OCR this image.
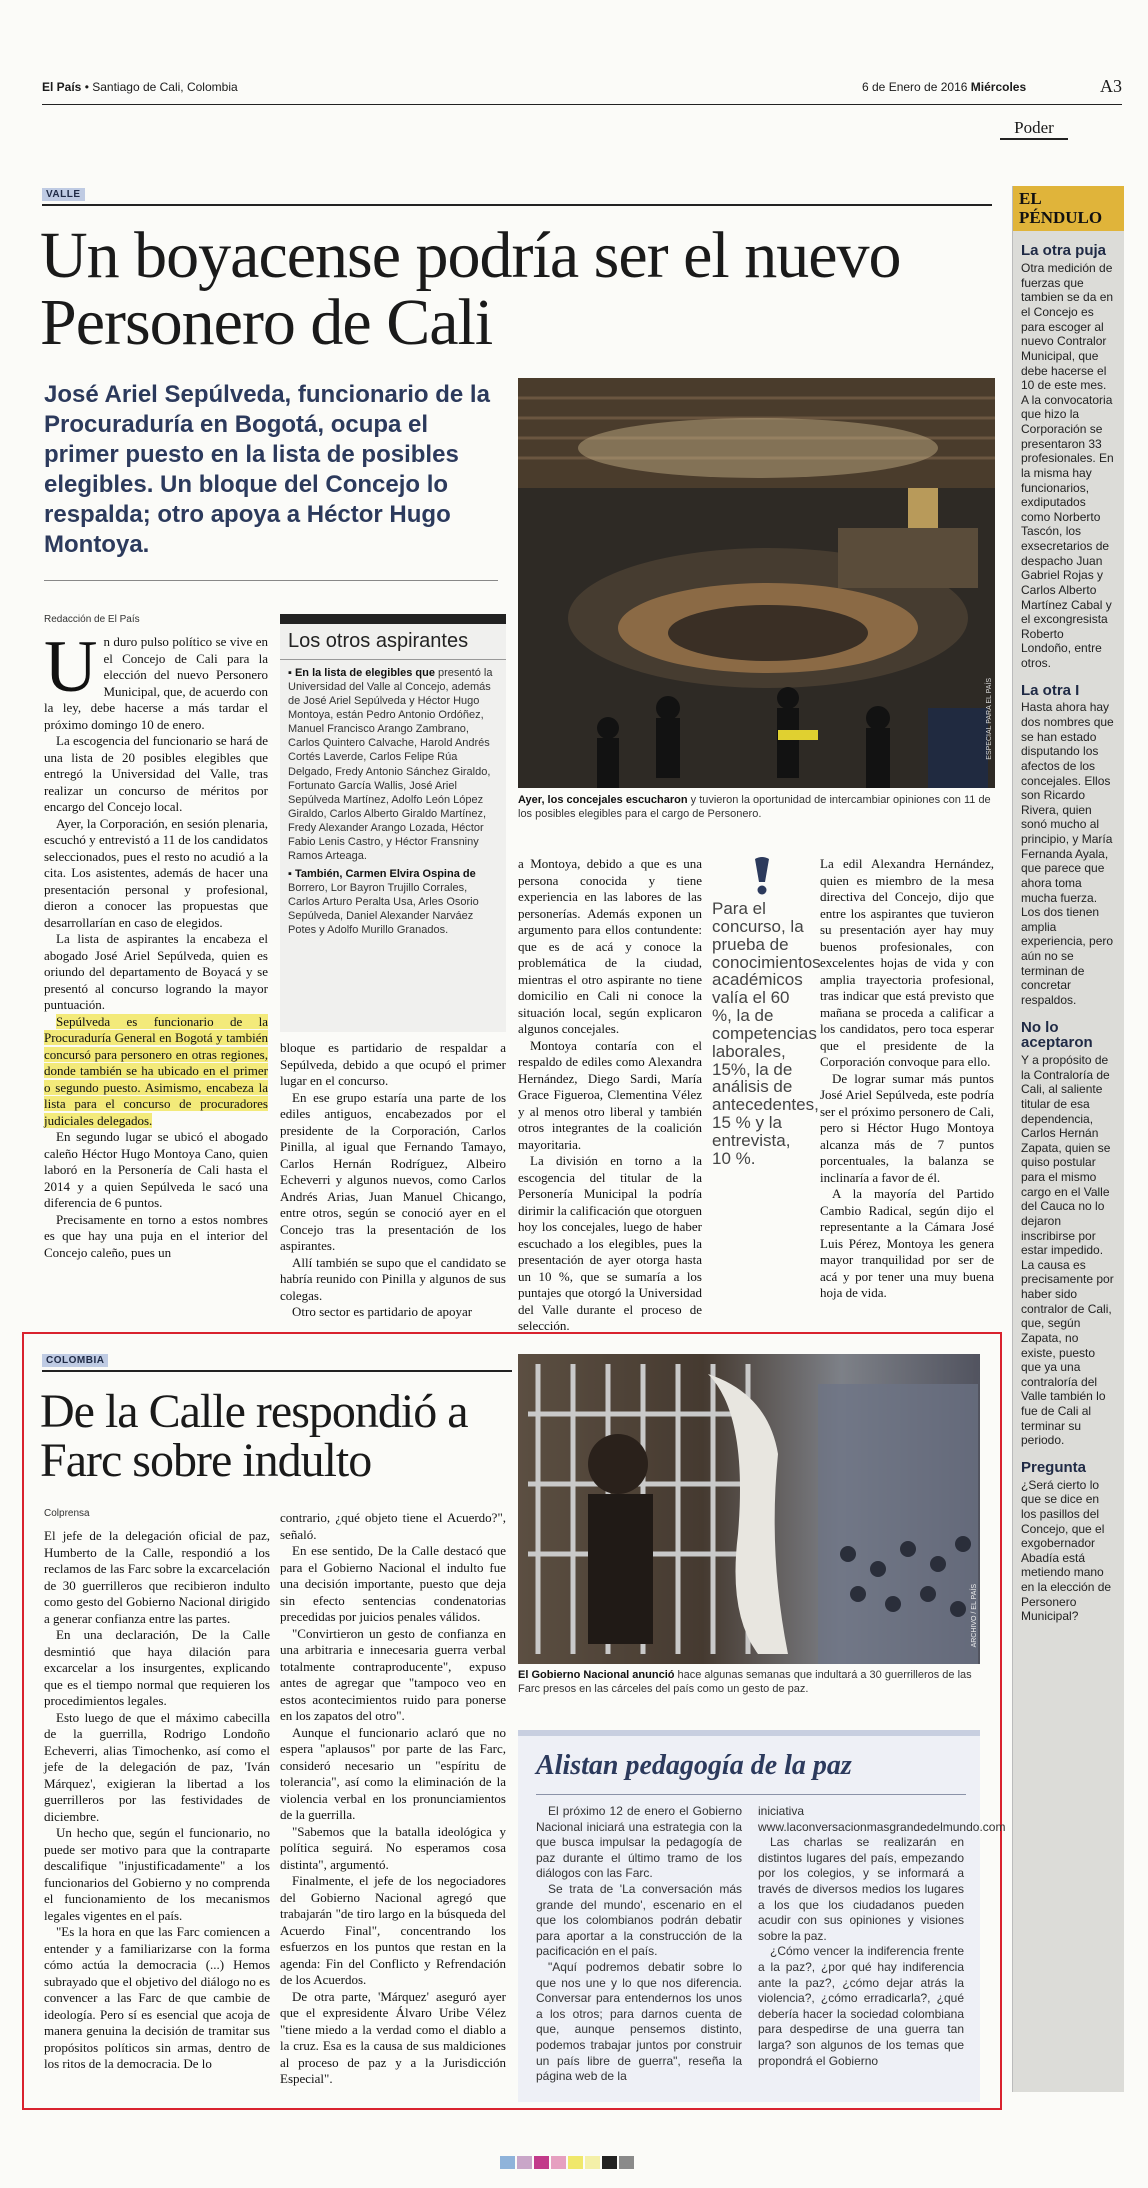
El País • Santiago de Cali, Colombia	6 de Enero de 2016 Miércoles	A3
Poder
VALLE
Un boyacense podría ser el nuevo Personero de Cali
José Ariel Sepúlveda, funcionario de la Procuraduría en Bogotá, ocupa el primer puesto en la lista de posibles elegibles. Un bloque del Concejo lo respalda; otro apoya a Héctor Hugo Montoya.
ESPECIAL PARA EL PAÍS
Ayer, los concejales escucharon y tuvieron la oportunidad de intercambiar opiniones con 11 de los posibles elegibles para el cargo de Personero.
Redacción de El País
U n duro pulso político se vive en el Concejo de Cali para la elección del nuevo Personero Municipal, que, de acuerdo con la ley, debe hacerse a más tardar el próximo domingo 10 de enero.

La escogencia del funcionario se hará de una lista de 20 posibles elegibles que entregó la Universidad del Valle, tras realizar un concurso de méritos por encargo del Concejo local.

Ayer, la Corporación, en sesión plenaria, escuchó y entrevistó a 11 de los candidatos seleccionados, pues el resto no acudió a la cita. Los asistentes, además de hacer una presentación personal y profesional, dieron a conocer las propuestas que desarrollarían en caso de elegidos.

La lista de aspirantes la encabeza el abogado José Ariel Sepúlveda, quien es oriundo del departamento de Boyacá y se presentó al concurso logrando la mayor puntuación.

Sepúlveda es funcionario de la Procuraduría General en Bogotá y también concursó para personero en otras regiones, donde también se ha ubicado en el primer o segundo puesto. Asimismo, encabeza la lista para el concurso de procuradores judiciales delegados.

En segundo lugar se ubicó el abogado caleño Héctor Hugo Montoya Cano, quien laboró en la Personería de Cali hasta el 2014 y a quien Sepúlveda le sacó una diferencia de 6 puntos.

Precisamente en torno a estos nombres es que hay una puja en el interior del Concejo caleño, pues un

Los otros aspirantes

▪ En la lista de elegibles que presentó la Universidad del Valle al Concejo, además de José Ariel Sepúlveda y Héctor Hugo Montoya, están Pedro Antonio Ordóñez, Manuel Francisco Arango Zambrano, Carlos Quintero Calvache, Harold Andrés Cortés Laverde, Carlos Felipe Rúa Delgado, Fredy Antonio Sánchez Giraldo, Fortunato García Wallis, José Ariel Sepúlveda Martínez, Adolfo León López Giraldo, Carlos Alberto Giraldo Martínez, Fredy Alexander Arango Lozada, Héctor Fabio Lenis Castro, y Héctor Fransniny Ramos Arteaga.

▪ También, Carmen Elvira Ospina de Borrero, Lor Bayron Trujillo Corrales, Carlos Arturo Peralta Usa, Arles Osorio Sepúlveda, Daniel Alexander Narváez Potes y Adolfo Murillo Granados.

bloque es partidario de respaldar a Sepúlveda, debido a que ocupó el primer lugar en el concurso.

En ese grupo estaría una parte de los ediles antiguos, encabezados por el presidente de la Corporación, Carlos Pinilla, al igual que Fernando Tamayo, Carlos Hernán Rodríguez, Albeiro Echeverri y algunos nuevos, como Carlos Andrés Arias, Juan Manuel Chicango, entre otros, según se conoció ayer en el Concejo tras la presentación de los aspirantes.

Allí también se supo que el candidato se habría reunido con Pinilla y algunos de sus colegas.

Otro sector es partidario de apoyar

a Montoya, debido a que es una persona conocida y tiene experiencia en las labores de las personerías. Además exponen un argumento para ellos contundente: que es de acá y conoce la problemática de la ciudad, mientras el otro aspirante no tiene domicilio en Cali ni conoce la situación local, según explicaron algunos concejales.

Montoya contaría con el respaldo de ediles como Alexandra Hernández, Diego Sardi, María Grace Figueroa, Clementina Vélez y al menos otro liberal y también otros integrantes de la coalición mayoritaria.

La división en torno a la escogencia del titular de la Personería Municipal la podría dirimir la calificación que otorguen hoy los concejales, luego de haber escuchado a los elegibles, pues la presentación de ayer otorga hasta un 10 %, que se sumaría a los puntajes que otorgó la Universidad del Valle durante el proceso de selección.

Para el concurso, la prueba de conocimientos académicos valía el 60 %, la de competencias laborales, 15%, la de análisis de antecedentes, 15 % y la entrevista, 10 %.

La edil Alexandra Hernández, quien es miembro de la mesa directiva del Concejo, dijo que entre los aspirantes que tuvieron su presentación ayer hay muy buenos profesionales, con excelentes hojas de vida y con amplia trayectoria profesional, tras indicar que está previsto que mañana se proceda a calificar a los candidatos, pero toca esperar que el presidente de la Corporación convoque para ello.

De lograr sumar más puntos José Ariel Sepúlveda, este podría ser el próximo personero de Cali, pero si Héctor Hugo Montoya alcanza más de 7 puntos porcentuales, la balanza se inclinaría a favor de él.

A la mayoría del Partido Cambio Radical, según dijo el representante a la Cámara José Luis Pérez, Montoya les genera mayor tranquilidad por ser de acá y por tener una muy buena hoja de vida.

EL PÉNDULO
La otra puja

Otra medición de fuerzas que tambien se da en el Concejo es para escoger al nuevo Contralor Municipal, que debe hacerse el 10 de este mes. A la convocatoria que hizo la Corporación se presentaron 33 profesionales. En la misma hay funcionarios, exdiputados como Norberto Tascón, los exsecretarios de despacho Juan Gabriel Rojas y Carlos Alberto Martínez Cabal y el excongresista Roberto Londoño, entre otros.

La otra I

Hasta ahora hay dos nombres que se han estado disputando los afectos de los concejales. Ellos son Ricardo Rivera, quien sonó mucho al principio, y María Fernanda Ayala, que parece que ahora toma mucha fuerza. Los dos tienen amplia experiencia, pero aún no se terminan de concretar respaldos.

No lo aceptaron

Y a propósito de la Contraloría de Cali, al saliente titular de esa dependencia, Carlos Hernán Zapata, quien se quiso postular para el mismo cargo en el Valle del Cauca no lo dejaron inscribirse por estar impedido. La causa es precisamente por haber sido contralor de Cali, que, según Zapata, no existe, puesto que ya una contraloría del Valle también lo fue de Cali al terminar su periodo.

Pregunta

¿Será cierto lo que se dice en los pasillos del Concejo, que el exgobernador Abadía está metiendo mano en la elección de Personero Municipal?

COLOMBIA
De la Calle respondió a Farc sobre indulto
Colprensa

El jefe de la delegación oficial de paz, Humberto de la Calle, respondió a los reclamos de las Farc sobre la excarcelación de 30 guerrilleros que recibieron indulto como gesto del Gobierno Nacional dirigido a generar confianza entre las partes.

En una declaración, De la Calle desmintió que haya dilación para excarcelar a los insurgentes, explicando que es el tiempo normal que requieren los procedimientos legales.

Esto luego de que el máximo cabecilla de la guerrilla, Rodrigo Londoño Echeverri, alias Timochenko, así como el jefe de la delegación de paz, 'Iván Márquez', exigieran la libertad a los guerrilleros por las festividades de diciembre.

Un hecho que, según el funcionario, no puede ser motivo para que la contraparte descalifique "injustificadamente" a los funcionarios del Gobierno y no comprenda el funcionamiento de los mecanismos legales vigentes en el país.

"Es la hora en que las Farc comiencen a entender y a familiarizarse con la forma cómo actúa la democracia (...) Hemos subrayado que el objetivo del diálogo no es convencer a las Farc de que cambie de ideología. Pero sí es esencial que acoja de manera genuina la decisión de tramitar sus propósitos políticos sin armas, dentro de los ritos de la democracia. De lo

contrario, ¿qué objeto tiene el Acuerdo?", señaló.

En ese sentido, De la Calle destacó que para el Gobierno Nacional el indulto fue una decisión importante, puesto que deja sin efecto sentencias condenatorias precedidas por juicios penales válidos.

"Convirtieron un gesto de confianza en una arbitraria e innecesaria guerra verbal totalmente contraproducente", expuso antes de agregar que "tampoco veo en estos acontecimientos ruido para ponerse en los zapatos del otro".

Aunque el funcionario aclaró que no espera "aplausos" por parte de las Farc, consideró necesario un "espíritu de tolerancia", así como la eliminación de la violencia verbal en los pronunciamientos de la guerrilla.

"Sabemos que la batalla ideológica y política seguirá. No esperamos cosa distinta", argumentó.

Finalmente, el jefe de los negociadores del Gobierno Nacional agregó que trabajarán "de tiro largo en la búsqueda del Acuerdo Final", concentrando los esfuerzos en los puntos que restan en la agenda: Fin del Conflicto y Refrendación de los Acuerdos.

De otra parte, 'Márquez' aseguró ayer que el expresidente Álvaro Uribe Vélez "tiene miedo a la verdad como el diablo a la cruz. Esa es la causa de sus maldiciones al proceso de paz y a la Jurisdicción Especial".

ARCHIVO / EL PAÍS
El Gobierno Nacional anunció hace algunas semanas que indultará a 30 guerrilleros de las Farc presos en las cárceles del país como un gesto de paz.
Alistan pedagogía de la paz

El próximo 12 de enero el Gobierno Nacional iniciará una estrategia con la que busca impulsar la pedagogía de paz durante el último tramo de los diálogos con las Farc.

Se trata de 'La conversación más grande del mundo', escenario en el que los colombianos podrán debatir para aportar a la construcción de la pacificación en el país.

"Aquí podremos debatir sobre lo que nos une y lo que nos diferencia. Conversar para entendernos los unos a los otros; para darnos cuenta de que, aunque pensemos distinto, podemos trabajar juntos por construir un país libre de guerra", reseña la página web de la

iniciativa www.laconversacionmasgrandedelmundo.com

Las charlas se realizarán en distintos lugares del país, empezando por los colegios, y se informará a través de diversos medios los lugares a los que los ciudadanos pueden acudir con sus opiniones y visiones sobre la paz.

¿Cómo vencer la indiferencia frente a la paz?, ¿por qué hay indiferencia ante la paz?, ¿cómo dejar atrás la violencia?, ¿cómo erradicarla?, ¿qué debería hacer la sociedad colombiana para despedirse de una guerra tan larga? son algunos de los temas que propondrá el Gobierno
